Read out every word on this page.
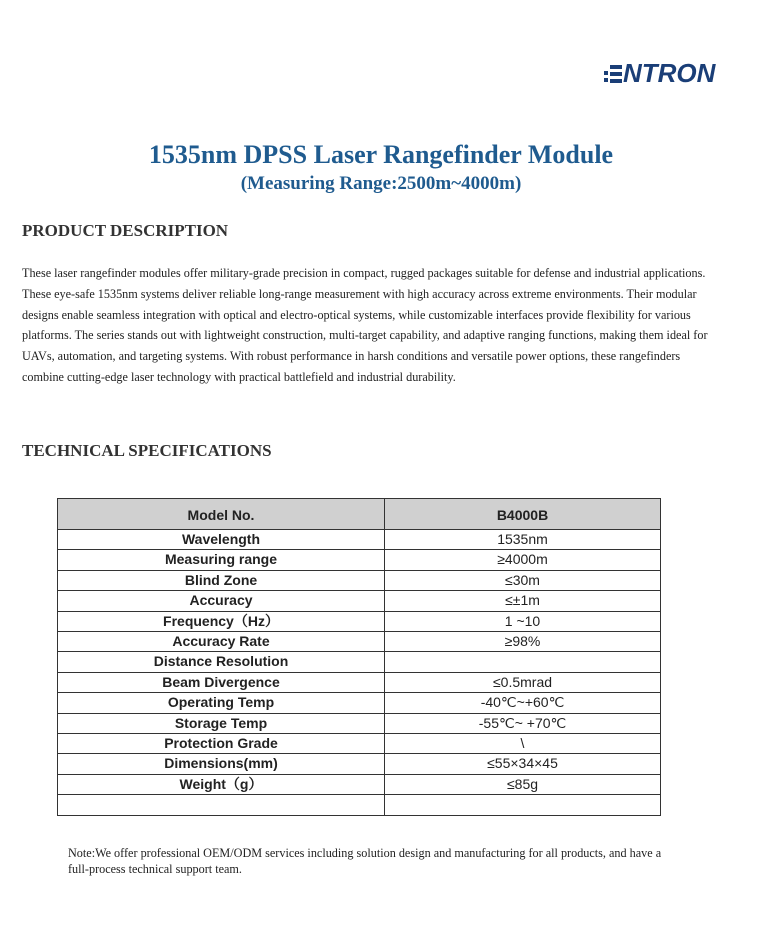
NTRON
1535nm DPSS Laser Rangefinder Module
(Measuring Range:2500m~4000m)
PRODUCT DESCRIPTION

These laser rangefinder modules offer military-grade precision in compact, rugged packages suitable for defense and industrial applications. These eye-safe 1535nm systems deliver reliable long-range measurement with high accuracy across extreme environments. Their modular designs enable seamless integration with optical and electro-optical systems, while customizable interfaces provide flexibility for various platforms. The series stands out with lightweight construction, multi-target capability, and adaptive ranging functions, making them ideal for UAVs, automation, and targeting systems. With robust performance in harsh conditions and versatile power options, these rangefinders combine cutting-edge laser technology with practical battlefield and industrial durability.

TECHNICAL SPECIFICATIONS
Model No.	B4000B
Wavelength	1535nm
Measuring range	≥4000m
Blind Zone	≤30m
Accuracy	≤±1m
Frequency（Hz）	1 ~10
Accuracy Rate	≥98%
Distance Resolution	
Beam Divergence	≤0.5mrad
Operating Temp	-40℃~+60℃
Storage Temp	-55℃~ +70℃
Protection Grade	\
Dimensions(mm)	≤55×34×45
Weight（g）	≤85g

Note:We offer professional OEM/ODM services including solution design and manufacturing for all products, and have a full-process technical support team.
